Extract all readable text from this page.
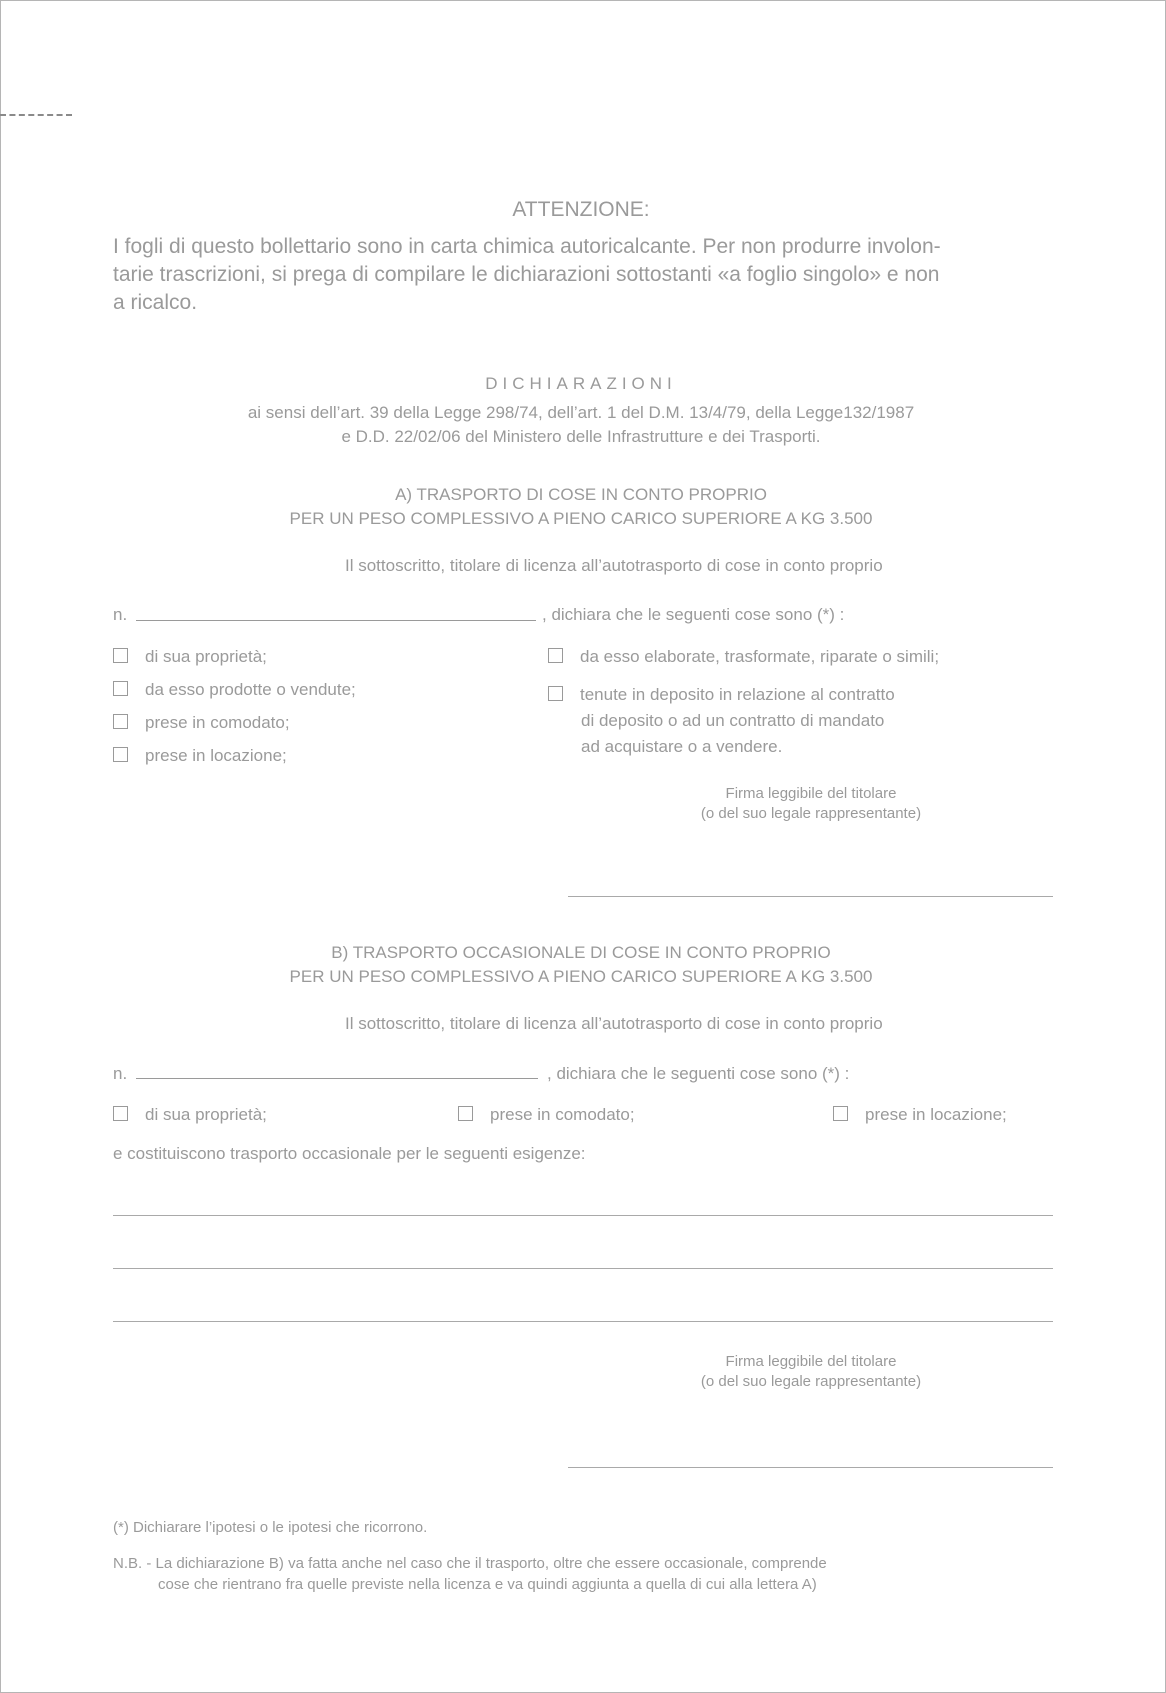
ATTENZIONE:
I fogli di questo bollettario sono in carta chimica autoricalcante. Per non produrre involon-
tarie trascrizioni, si prega di compilare le dichiarazioni sottostanti «a foglio singolo» e non
a ricalco.
DICHIARAZIONI
ai sensi dell’art. 39 della Legge 298/74, dell’art. 1 del D.M. 13/4/79, della Legge132/1987
e D.D. 22/02/06 del Ministero delle Infrastrutture e dei Trasporti.
A) TRASPORTO DI COSE IN CONTO PROPRIO
PER UN PESO COMPLESSIVO A PIENO CARICO SUPERIORE A KG 3.500
Il sottoscritto, titolare di licenza all’autotrasporto di cose in conto proprio
n.	, dichiara che le seguenti cose sono (*) :
di sua proprietà;
da esso prodotte o vendute;
prese in comodato;
prese in locazione;
da esso elaborate, trasformate, riparate o simili;
tenute in deposito in relazione al contratto
di deposito o ad un contratto di mandato
ad acquistare o a vendere.
Firma leggibile del titolare
(o del suo legale rappresentante)
B) TRASPORTO OCCASIONALE DI COSE IN CONTO PROPRIO
PER UN PESO COMPLESSIVO A PIENO CARICO SUPERIORE A KG 3.500
Il sottoscritto, titolare di licenza all’autotrasporto di cose in conto proprio
n.	, dichiara che le seguenti cose sono (*) :
di sua proprietà;	prese in comodato;	prese in locazione;
e costituiscono trasporto occasionale per le seguenti esigenze:
Firma leggibile del titolare
(o del suo legale rappresentante)
(*) Dichiarare l’ipotesi o le ipotesi che ricorrono.
N.B. - La dichiarazione B) va fatta anche nel caso che il trasporto, oltre che essere occasionale, comprende
cose che rientrano fra quelle previste nella licenza e va quindi aggiunta a quella di cui alla lettera A)
